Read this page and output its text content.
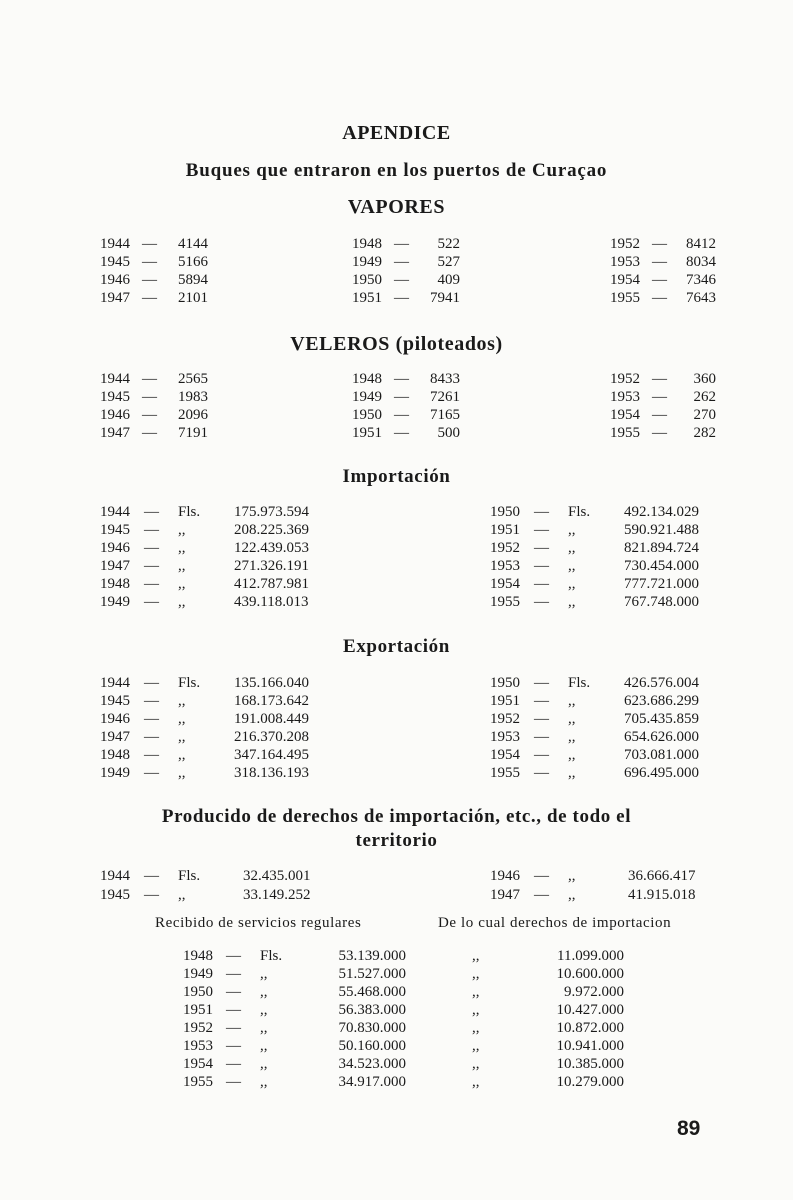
APENDICE
Buques que entraron en los puertos de Curaçao
VAPORES
1944 —	4144	1948 —	522	1952 —	8412
1945 —	5166	1949 —	527	1953 —	8034
1946 —	5894	1950 —	409	1954 —	7346
1947 —	2101	1951 —	7941	1955 —	7643
VELEROS (piloteados)
1944 —	2565	1948 —	8433	1952 —	360
1945 —	1983	1949 —	7261	1953 —	262
1946 —	2096	1950 —	7165	1954 —	270
1947 —	7191	1951 —	500	1955 —	282
Importación
1944 — Fls. 175.973.594	1950 — Fls. 492.134.029
1945 — ,,	208.225.369	1951 — ,,	590.921.488
1946 — ,,	122.439.053	1952 — ,,	821.894.724
1947 — ,,	271.326.191	1953 — ,,	730.454.000
1948 — ,,	412.787.981	1954 — ,,	777.721.000
1949 — ,,	439.118.013	1955 — ,,	767.748.000
Exportación
1944 — Fls. 135.166.040	1950 — Fls. 426.576.004
1945 — ,,	168.173.642	1951 — ,,	623.686.299
1946 — ,,	191.008.449	1952 — ,,	705.435.859
1947 — ,,	216.370.208	1953 — ,,	654.626.000
1948 — ,,	347.164.495	1954 — ,,	703.081.000
1949 — ,,	318.136.193	1955 — ,,	696.495.000
Producido de derechos de importación, etc., de todo el
territorio
1944 — Fls.	32.435.001	1946 — ,,	36.666.417
1945 — ,,	33.149.252	1947 — ,,	41.915.018
Recibido de servicios regulares	De lo cual derechos de importacion
1948 — Fls.	53.139.000	,,	11.099.000
1949 — ,,	51.527.000	,,	10.600.000
1950 — ,,	55.468.000	,,	9.972.000
1951 — ,,	56.383.000	,,	10.427.000
1952 — ,,	70.830.000	,,	10.872.000
1953 — ,,	50.160.000	,,	10.941.000
1954 — ,,	34.523.000	,,	10.385.000
1955 — ,,	34.917.000	,,	10.279.000
89
